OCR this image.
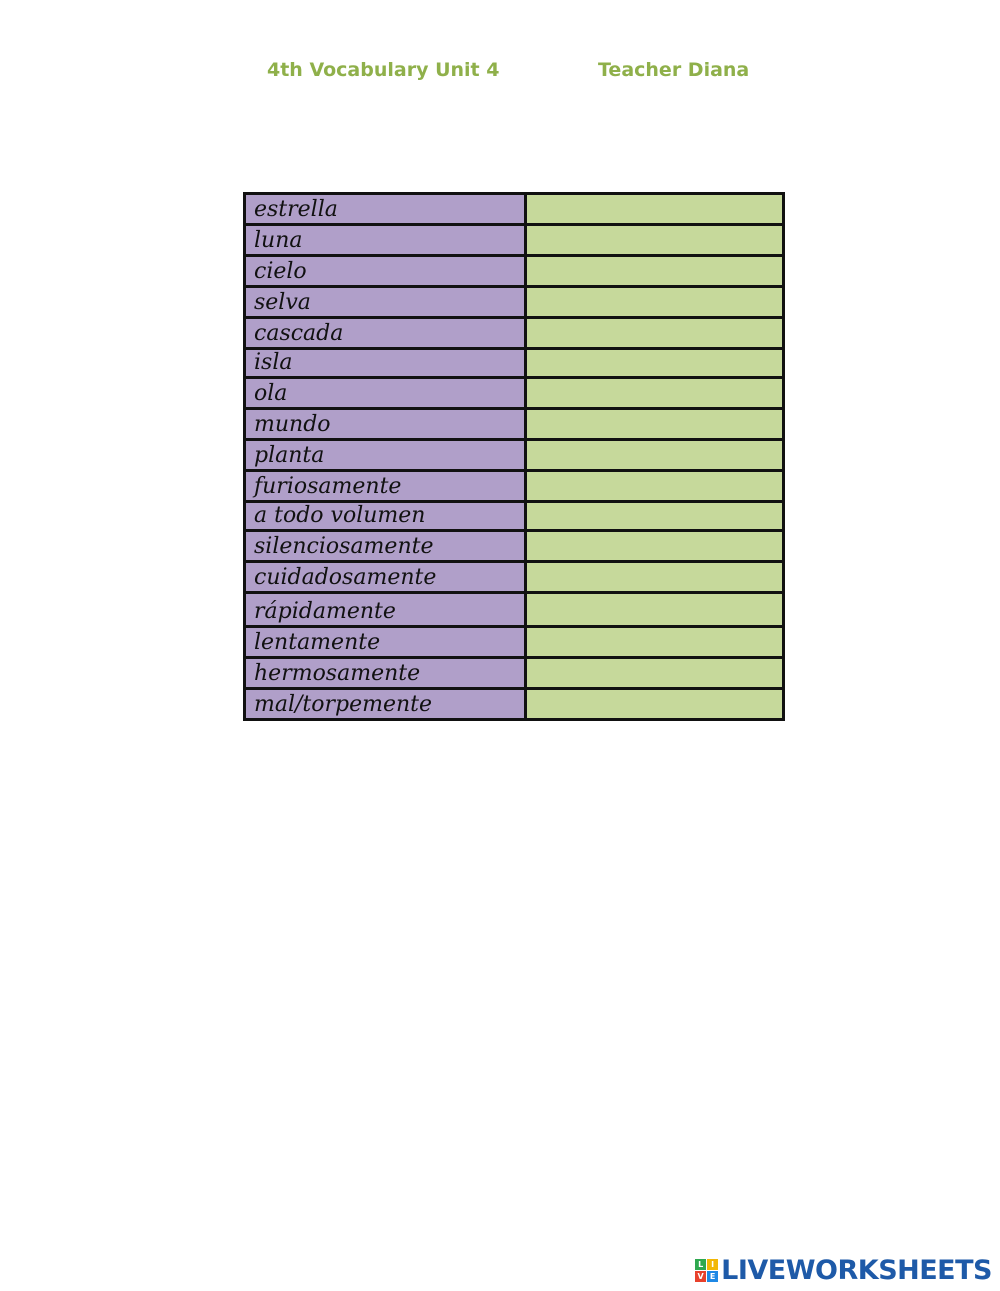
4th Vocabulary Unit 4	Teacher Diana
estrella	
luna	
cielo	
selva	
cascada	
isla	
ola	
mundo	
planta	
furiosamente	
a todo volumen	
silenciosamente	
cuidadosamente	
rápidamente	
lentamente	
hermosamente	
mal/torpemente	
L I
V E LIVEWORKSHEETS
